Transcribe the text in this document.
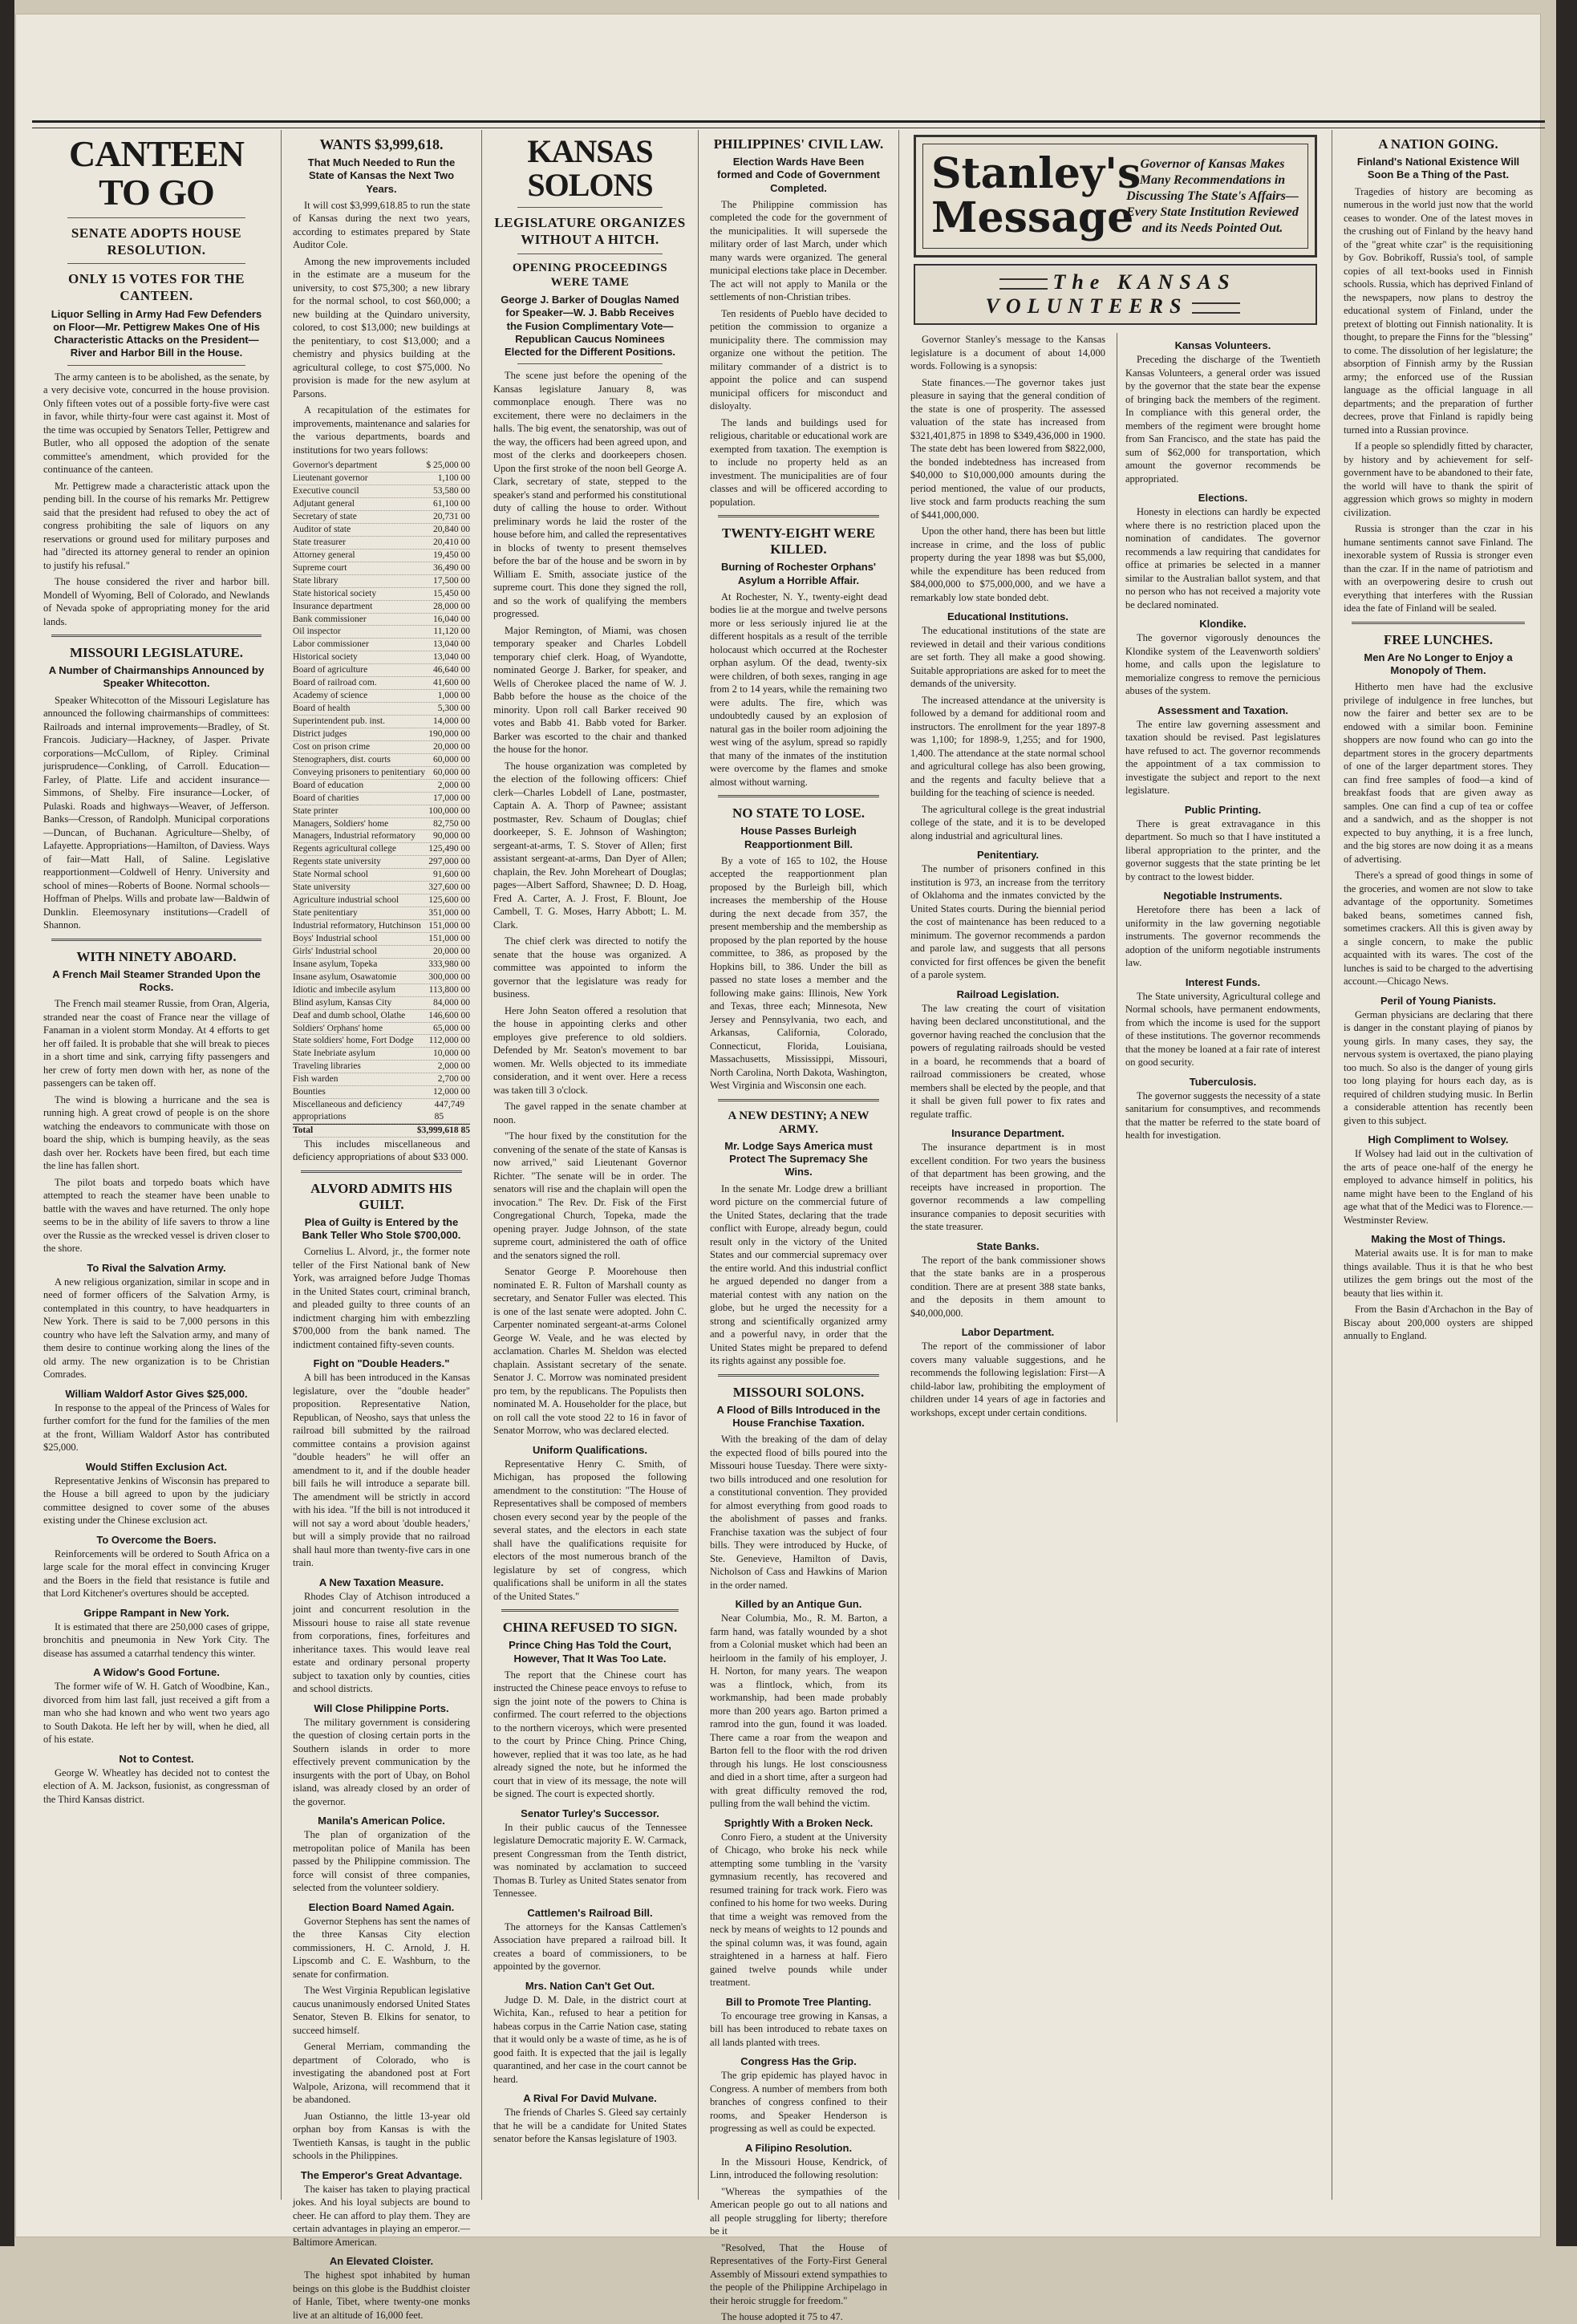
CANTEEN TO GO
SENATE ADOPTS HOUSE RESOLUTION.
ONLY 15 VOTES FOR THE CANTEEN.
Liquor Selling in Army Had Few Defenders on Floor—Mr. Pettigrew Makes One of His Characteristic Attacks on the President—River and Harbor Bill in the House.

The army canteen is to be abolished, as the senate, by a very decisive vote, concurred in the house provision. Only fifteen votes out of a possible forty-five were cast in favor, while thirty-four were cast against it. Most of the time was occupied by Senators Teller, Pettigrew and Butler, who all opposed the adoption of the senate committee's amendment, which provided for the continuance of the canteen.

Mr. Pettigrew made a characteristic attack upon the pending bill. In the course of his remarks Mr. Pettigrew said that the president had refused to obey the act of congress prohibiting the sale of liquors on any reservations or ground used for military purposes and had "directed its attorney general to render an opinion to justify his refusal."

The house considered the river and harbor bill. Mondell of Wyoming, Bell of Colorado, and Newlands of Nevada spoke of appropriating money for the arid lands.

MISSOURI LEGISLATURE.
A Number of Chairmanships Announced by Speaker Whitecotton.

Speaker Whitecotton of the Missouri Legislature has announced the following chairmanships of committees: Railroads and internal improvements—Bradley, of St. Francois. Judiciary—Hackney, of Jasper. Private corporations—McCullom, of Ripley. Criminal jurisprudence—Conkling, of Carroll. Education—Farley, of Platte. Life and accident insurance—Simmons, of Shelby. Fire insurance—Locker, of Pulaski. Roads and highways—Weaver, of Jefferson. Banks—Cresson, of Randolph. Municipal corporations—Duncan, of Buchanan. Agriculture—Shelby, of Lafayette. Appropriations—Hamilton, of Daviess. Ways of fair—Matt Hall, of Saline. Legislative reapportionment—Coldwell of Henry. University and school of mines—Roberts of Boone. Normal schools—Hoffman of Phelps. Wills and probate law—Baldwin of Dunklin. Eleemosynary institutions—Cradell of Shannon.

WITH NINETY ABOARD.
A French Mail Steamer Stranded Upon the Rocks.

The French mail steamer Russie, from Oran, Algeria, stranded near the coast of France near the village of Fanaman in a violent storm Monday. At 4 efforts to get her off failed. It is probable that she will break to pieces in a short time and sink, carrying fifty passengers and her crew of forty men down with her, as none of the passengers can be taken off.

The wind is blowing a hurricane and the sea is running high. A great crowd of people is on the shore watching the endeavors to communicate with those on board the ship, which is bumping heavily, as the seas dash over her. Rockets have been fired, but each time the line has fallen short.

The pilot boats and torpedo boats which have attempted to reach the steamer have been unable to battle with the waves and have returned. The only hope seems to be in the ability of life savers to throw a line over the Russie as the wrecked vessel is driven closer to the shore.

To Rival the Salvation Army.

A new religious organization, similar in scope and in need of former officers of the Salvation Army, is contemplated in this country, to have headquarters in New York. There is said to be 7,000 persons in this country who have left the Salvation army, and many of them desire to continue working along the lines of the old army. The new organization is to be Christian Comrades.

William Waldorf Astor Gives $25,000.

In response to the appeal of the Princess of Wales for further comfort for the fund for the families of the men at the front, William Waldorf Astor has contributed $25,000.

Would Stiffen Exclusion Act.

Representative Jenkins of Wisconsin has prepared to the House a bill agreed to upon by the judiciary committee designed to cover some of the abuses existing under the Chinese exclusion act.

To Overcome the Boers.

Reinforcements will be ordered to South Africa on a large scale for the moral effect in convincing Kruger and the Boers in the field that resistance is futile and that Lord Kitchener's overtures should be accepted.

Grippe Rampant in New York.

It is estimated that there are 250,000 cases of grippe, bronchitis and pneumonia in New York City. The disease has assumed a catarrhal tendency this winter.

A Widow's Good Fortune.

The former wife of W. H. Gatch of Woodbine, Kan., divorced from him last fall, just received a gift from a man who she had known and who went two years ago to South Dakota. He left her by will, when he died, all of his estate.

Not to Contest.

George W. Wheatley has decided not to contest the election of A. M. Jackson, fusionist, as congressman of the Third Kansas district.

WANTS $3,999,618.
That Much Needed to Run the State of Kansas the Next Two Years.

It will cost $3,999,618.85 to run the state of Kansas during the next two years, according to estimates prepared by State Auditor Cole.

Among the new improvements included in the estimate are a museum for the university, to cost $75,300; a new library for the normal school, to cost $60,000; a new building at the Quindaro university, colored, to cost $13,000; new buildings at the penitentiary, to cost $13,000; and a chemistry and physics building at the agricultural college, to cost $75,000. No provision is made for the new asylum at Parsons.

A recapitulation of the estimates for improvements, maintenance and salaries for the various departments, boards and institutions for two years follows:

Governor's department	$ 25,000 00
Lieutenant governor	1,100 00
Executive council	53,580 00
Adjutant general	61,100 00
Secretary of state	20,731 00
Auditor of state	20,840 00
State treasurer	20,410 00
Attorney general	19,450 00
Supreme court	36,490 00
State library	17,500 00
State historical society	15,450 00
Insurance department	28,000 00
Bank commissioner	16,040 00
Oil inspector	11,120 00
Labor commissioner	13,040 00
Historical society	13,040 00
Board of agriculture	46,640 00
Board of railroad com.	41,600 00
Academy of science	1,000 00
Board of health	5,300 00
Superintendent pub. inst.	14,000 00
District judges	190,000 00
Cost on prison crime	20,000 00
Stenographers, dist. courts	60,000 00
Conveying prisoners to penitentiary 60,000 00
Board of education	2,000 00
Board of charities	17,000 00
State printer	100,000 00
Managers, Soldiers' home	82,750 00
Managers, Industrial reformatory 90,000 00
Regents agricultural college	125,490 00
Regents state university	297,000 00
State Normal school	91,600 00
State university	327,600 00
Agriculture industrial school	125,600 00
State penitentiary	351,000 00
Industrial reformatory, Hutchinson 151,000 00
Boys' Industrial school	151,000 00
Girls' Industrial school	20,000 00
Insane asylum, Topeka	333,980 00
Insane asylum, Osawatomie	300,000 00
Idiotic and imbecile asylum	113,800 00
Blind asylum, Kansas City	84,000 00
Deaf and dumb school, Olathe	146,600 00
Soldiers' Orphans' home	65,000 00
State soldiers' home, Fort Dodge 112,000 00
State Inebriate asylum	10,000 00
Traveling libraries	2,000 00
Fish warden	2,700 00
Bounties	12,000 00
Miscellaneous and deficiency appropriations
447,749 85
Total	$3,999,618 85

This includes miscellaneous and deficiency appropriations of about $33 000.

ALVORD ADMITS HIS GUILT.
Plea of Guilty is Entered by the Bank Teller Who Stole $700,000.

Cornelius L. Alvord, jr., the former note teller of the First National bank of New York, was arraigned before Judge Thomas in the United States court, criminal branch, and pleaded guilty to three counts of an indictment charging him with embezzling $700,000 from the bank named. The indictment contained fifty-seven counts.

Fight on "Double Headers."

A bill has been introduced in the Kansas legislature, over the "double header" proposition. Representative Nation, Republican, of Neosho, says that unless the railroad bill submitted by the railroad committee contains a provision against "double headers" he will offer an amendment to it, and if the double header bill fails he will introduce a separate bill. The amendment will be strictly in accord with his idea. "If the bill is not introduced it will not say a word about 'double headers,' but will a simply provide that no railroad shall haul more than twenty-five cars in one train.

A New Taxation Measure.

Rhodes Clay of Atchison introduced a joint and concurrent resolution in the Missouri house to raise all state revenue from corporations, fines, forfeitures and inheritance taxes. This would leave real estate and ordinary personal property subject to taxation only by counties, cities and school districts.

Will Close Philippine Ports.

The military government is considering the question of closing certain ports in the Southern islands in order to more effectively prevent communication by the insurgents with the port of Ubay, on Bohol island, was already closed by an order of the governor.

Manila's American Police.

The plan of organization of the metropolitan police of Manila has been passed by the Philippine commission. The force will consist of three companies, selected from the volunteer soldiery.

Election Board Named Again.

Governor Stephens has sent the names of the three Kansas City election commissioners, H. C. Arnold, J. H. Lipscomb and C. E. Washburn, to the senate for confirmation.

The West Virginia Republican legislative caucus unanimously endorsed United States Senator, Steven B. Elkins for senator, to succeed himself.

General Merriam, commanding the department of Colorado, who is investigating the abandoned post at Fort Walpole, Arizona, will recommend that it be abandoned.

Juan Ostianno, the little 13-year old orphan boy from Kansas is with the Twentieth Kansas, is taught in the public schools in the Philippines.

The Emperor's Great Advantage.

The kaiser has taken to playing practical jokes. And his loyal subjects are bound to cheer. He can afford to play them. They are certain advantages in playing an emperor.—Baltimore American.

An Elevated Cloister.

The highest spot inhabited by human beings on this globe is the Buddhist cloister of Hanle, Tibet, where twenty-one monks live at an altitude of 16,000 feet.

KANSAS SOLONS
LEGISLATURE ORGANIZES WITHOUT A HITCH.
OPENING PROCEEDINGS WERE TAME
George J. Barker of Douglas Named for Speaker—W. J. Babb Receives the Fusion Complimentary Vote—Republican Caucus Nominees Elected for the Different Positions.

The scene just before the opening of the Kansas legislature January 8, was commonplace enough. There was no excitement, there were no declaimers in the halls. The big event, the senatorship, was out of the way, the officers had been agreed upon, and most of the clerks and doorkeepers chosen. Upon the first stroke of the noon bell George A. Clark, secretary of state, stepped to the speaker's stand and performed his constitutional duty of calling the house to order. Without preliminary words he laid the roster of the house before him, and called the representatives in blocks of twenty to present themselves before the bar of the house and be sworn in by William E. Smith, associate justice of the supreme court. This done they signed the roll, and so the work of qualifying the members progressed.

Major Remington, of Miami, was chosen temporary speaker and Charles Lobdell temporary chief clerk. Hoag, of Wyandotte, nominated George J. Barker, for speaker, and Wells of Cherokee placed the name of W. J. Babb before the house as the choice of the minority. Upon roll call Barker received 90 votes and Babb 41. Babb voted for Barker. Barker was escorted to the chair and thanked the house for the honor.

The house organization was completed by the election of the following officers: Chief clerk—Charles Lobdell of Lane, postmaster, Captain A. A. Thorp of Pawnee; assistant postmaster, Rev. Schaum of Douglas; chief doorkeeper, S. E. Johnson of Washington; sergeant-at-arms, T. S. Stover of Allen; first assistant sergeant-at-arms, Dan Dyer of Allen; chaplain, the Rev. John Moreheart of Douglas; pages—Albert Safford, Shawnee; D. D. Hoag, Fred A. Carter, A. J. Frost, F. Blount, Joe Cambell, T. G. Moses, Harry Abbott; L. M. Clark.

The chief clerk was directed to notify the senate that the house was organized. A committee was appointed to inform the governor that the legislature was ready for business.

Here John Seaton offered a resolution that the house in appointing clerks and other employes give preference to old soldiers. Defended by Mr. Seaton's movement to bar women. Mr. Wells objected to its immediate consideration, and it went over. Here a recess was taken till 3 o'clock.

The gavel rapped in the senate chamber at noon.

"The hour fixed by the constitution for the convening of the senate of the state of Kansas is now arrived," said Lieutenant Governor Richter. "The senate will be in order. The senators will rise and the chaplain will open the invocation." The Rev. Dr. Fisk of the First Congregational Church, Topeka, made the opening prayer. Judge Johnson, of the state supreme court, administered the oath of office and the senators signed the roll.

Senator George P. Moorehouse then nominated E. R. Fulton of Marshall county as secretary, and Senator Fuller was elected. This is one of the last senate were adopted. John C. Carpenter nominated sergeant-at-arms Colonel George W. Veale, and he was elected by acclamation. Charles M. Sheldon was elected chaplain. Assistant secretary of the senate. Senator J. C. Morrow was nominated president pro tem, by the republicans. The Populists then nominated M. A. Householder for the place, but on roll call the vote stood 22 to 16 in favor of Senator Morrow, who was declared elected.

Uniform Qualifications.

Representative Henry C. Smith, of Michigan, has proposed the following amendment to the constitution: "The House of Representatives shall be composed of members chosen every second year by the people of the several states, and the electors in each state shall have the qualifications requisite for electors of the most numerous branch of the legislature by set of congress, which qualifications shall be uniform in all the states of the United States."

CHINA REFUSED TO SIGN.
Prince Ching Has Told the Court, However, That It Was Too Late.

The report that the Chinese court has instructed the Chinese peace envoys to refuse to sign the joint note of the powers to China is confirmed. The court referred to the objections to the northern viceroys, which were presented to the court by Prince Ching. Prince Ching, however, replied that it was too late, as he had already signed the note, but he informed the court that in view of its message, the note will be signed. The court is expected shortly.

Senator Turley's Successor.

In their public caucus of the Tennessee legislature Democratic majority E. W. Carmack, present Congressman from the Tenth district, was nominated by acclamation to succeed Thomas B. Turley as United States senator from Tennessee.

Cattlemen's Railroad Bill.

The attorneys for the Kansas Cattlemen's Association have prepared a railroad bill. It creates a board of commissioners, to be appointed by the governor.

Mrs. Nation Can't Get Out.

Judge D. M. Dale, in the district court at Wichita, Kan., refused to hear a petition for habeas corpus in the Carrie Nation case, stating that it would only be a waste of time, as he is of good faith. It is expected that the jail is legally quarantined, and her case in the court cannot be heard.

A Rival For David Mulvane.

The friends of Charles S. Gleed say certainly that he will be a candidate for United States senator before the Kansas legislature of 1903.

PHILIPPINES' CIVIL LAW.
Election Wards Have Been formed and Code of Government Completed.

The Philippine commission has completed the code for the government of the municipalities. It will supersede the military order of last March, under which many wards were organized. The general municipal elections take place in December. The act will not apply to Manila or the settlements of non-Christian tribes.

Ten residents of Pueblo have decided to petition the commission to organize a municipality there. The commission may organize one without the petition. The military commander of a district is to appoint the police and can suspend municipal officers for misconduct and disloyalty.

The lands and buildings used for religious, charitable or educational work are exempted from taxation. The exemption is to include no property held as an investment. The municipalities are of four classes and will be officered according to population.

TWENTY-EIGHT WERE KILLED.
Burning of Rochester Orphans' Asylum a Horrible Affair.

At Rochester, N. Y., twenty-eight dead bodies lie at the morgue and twelve persons more or less seriously injured lie at the different hospitals as a result of the terrible holocaust which occurred at the Rochester orphan asylum. Of the dead, twenty-six were children, of both sexes, ranging in age from 2 to 14 years, while the remaining two were adults. The fire, which was undoubtedly caused by an explosion of natural gas in the boiler room adjoining the west wing of the asylum, spread so rapidly that many of the inmates of the institution were overcome by the flames and smoke almost without warning.

NO STATE TO LOSE.
House Passes Burleigh Reapportionment Bill.

By a vote of 165 to 102, the House accepted the reapportionment plan proposed by the Burleigh bill, which increases the membership of the House during the next decade from 357, the present membership and the membership as proposed by the plan reported by the house committee, to 386, as proposed by the Hopkins bill, to 386. Under the bill as passed no state loses a member and the following make gains: Illinois, New York and Texas, three each; Minnesota, New Jersey and Pennsylvania, two each, and Arkansas, California, Colorado, Connecticut, Florida, Louisiana, Massachusetts, Mississippi, Missouri, North Carolina, North Dakota, Washington, West Virginia and Wisconsin one each.

A NEW DESTINY; A NEW ARMY.
Mr. Lodge Says America must Protect The Supremacy She Wins.

In the senate Mr. Lodge drew a brilliant word picture on the commercial future of the United States, declaring that the trade conflict with Europe, already begun, could result only in the victory of the United States and our commercial supremacy over the entire world. And this industrial conflict he argued depended no danger from a material contest with any nation on the globe, but he urged the necessity for a strong and scientifically organized army and a powerful navy, in order that the United States might be prepared to defend its rights against any possible foe.

MISSOURI SOLONS.
A Flood of Bills Introduced in the House Franchise Taxation.

With the breaking of the dam of delay the expected flood of bills poured into the Missouri house Tuesday. There were sixty-two bills introduced and one resolution for a constitutional convention. They provided for almost everything from good roads to the abolishment of passes and franks. Franchise taxation was the subject of four bills. They were introduced by Hucke, of Ste. Genevieve, Hamilton of Davis, Nicholson of Cass and Hawkins of Marion in the order named.

Killed by an Antique Gun.

Near Columbia, Mo., R. M. Barton, a farm hand, was fatally wounded by a shot from a Colonial musket which had been an heirloom in the family of his employer, J. H. Norton, for many years. The weapon was a flintlock, which, from its workmanship, had been made probably more than 200 years ago. Barton primed a ramrod into the gun, found it was loaded. There came a roar from the weapon and Barton fell to the floor with the rod driven through his lungs. He lost consciousness and died in a short time, after a surgeon had with great difficulty removed the rod, pulling from the wall behind the victim.

Sprightly With a Broken Neck.

Conro Fiero, a student at the University of Chicago, who broke his neck while attempting some tumbling in the 'varsity gymnasium recently, has recovered and resumed training for track work. Fiero was confined to his home for two weeks. During that time a weight was removed from the neck by means of weights to 12 pounds and the spinal column was, it was found, again straightened in a harness at half. Fiero gained twelve pounds while under treatment.

Bill to Promote Tree Planting.

To encourage tree growing in Kansas, a bill has been introduced to rebate taxes on all lands planted with trees.

Congress Has the Grip.

The grip epidemic has played havoc in Congress. A number of members from both branches of congress confined to their rooms, and Speaker Henderson is progressing as well as could be expected.

A Filipino Resolution.

In the Missouri House, Kendrick, of Linn, introduced the following resolution:

"Whereas the sympathies of the American people go out to all nations and all people struggling for liberty; therefore be it

"Resolved, That the House of Representatives of the Forty-First General Assembly of Missouri extend sympathies to the people of the Philippine Archipelago in their heroic struggle for freedom."

The house adopted it 75 to 47.

Stanley's Message
Governor of Kansas Makes Many Recommendations in Discussing The State's Affairs—Every State Institution Reviewed and its Needs Pointed Out.
The KANSAS VOLUNTEERS

Governor Stanley's message to the Kansas legislature is a document of about 14,000 words. Following is a synopsis:

State finances.—The governor takes just pleasure in saying that the general condition of the state is one of prosperity. The assessed valuation of the state has increased from $321,401,875 in 1898 to $349,436,000 in 1900. The state debt has been lowered from $822,000, the bonded indebtedness has increased from $40,000 to $10,000,000 amounts during the period mentioned, the value of our products, live stock and farm products reaching the sum of $441,000,000.

Upon the other hand, there has been but little increase in crime, and the loss of public property during the year 1898 was but $5,000, while the expenditure has been reduced from $84,000,000 to $75,000,000, and we have a remarkably low state bonded debt.

Educational Institutions.

The educational institutions of the state are reviewed in detail and their various conditions are set forth. They all make a good showing. Suitable appropriations are asked for to meet the demands of the university.

The increased attendance at the university is followed by a demand for additional room and instructors. The enrollment for the year 1897-8 was 1,100; for 1898-9, 1,255; and for 1900, 1,400. The attendance at the state normal school and agricultural college has also been growing, and the regents and faculty believe that a building for the teaching of science is needed.

The agricultural college is the great industrial college of the state, and it is to be developed along industrial and agricultural lines.

Penitentiary.

The number of prisoners confined in this institution is 973, an increase from the territory of Oklahoma and the inmates convicted by the United States courts. During the biennial period the cost of maintenance has been reduced to a minimum. The governor recommends a pardon and parole law, and suggests that all persons convicted for first offences be given the benefit of a parole system.

Railroad Legislation.

The law creating the court of visitation having been declared unconstitutional, and the governor having reached the conclusion that the powers of regulating railroads should be vested in a board, he recommends that a board of railroad commissioners be created, whose members shall be elected by the people, and that it shall be given full power to fix rates and regulate traffic.

Insurance Department.

The insurance department is in most excellent condition. For two years the business of that department has been growing, and the receipts have increased in proportion. The governor recommends a law compelling insurance companies to deposit securities with the state treasurer.

State Banks.

The report of the bank commissioner shows that the state banks are in a prosperous condition. There are at present 388 state banks, and the deposits in them amount to $40,000,000.

Labor Department.

The report of the commissioner of labor covers many valuable suggestions, and he recommends the following legislation: First—A child-labor law, prohibiting the employment of children under 14 years of age in factories and workshops, except under certain conditions.

Kansas Volunteers.

Preceding the discharge of the Twentieth Kansas Volunteers, a general order was issued by the governor that the state bear the expense of bringing back the members of the regiment. In compliance with this general order, the members of the regiment were brought home from San Francisco, and the state has paid the sum of $62,000 for transportation, which amount the governor recommends be appropriated.

Elections.

Honesty in elections can hardly be expected where there is no restriction placed upon the nomination of candidates. The governor recommends a law requiring that candidates for office at primaries be selected in a manner similar to the Australian ballot system, and that no person who has not received a majority vote be declared nominated.

Klondike.

The governor vigorously denounces the Klondike system of the Leavenworth soldiers' home, and calls upon the legislature to memorialize congress to remove the pernicious abuses of the system.

Assessment and Taxation.

The entire law governing assessment and taxation should be revised. Past legislatures have refused to act. The governor recommends the appointment of a tax commission to investigate the subject and report to the next legislature.

Public Printing.

There is great extravagance in this department. So much so that I have instituted a liberal appropriation to the printer, and the governor suggests that the state printing be let by contract to the lowest bidder.

Negotiable Instruments.

Heretofore there has been a lack of uniformity in the law governing negotiable instruments. The governor recommends the adoption of the uniform negotiable instruments law.

Interest Funds.

The State university, Agricultural college and Normal schools, have permanent endowments, from which the income is used for the support of these institutions. The governor recommends that the money be loaned at a fair rate of interest on good security.

Tuberculosis.

The governor suggests the necessity of a state sanitarium for consumptives, and recommends that the matter be referred to the state board of health for investigation.

A NATION GOING.
Finland's National Existence Will Soon Be a Thing of the Past.

Tragedies of history are becoming as numerous in the world just now that the world ceases to wonder. One of the latest moves in the crushing out of Finland by the heavy hand of the "great white czar" is the requisitioning by Gov. Bobrikoff, Russia's tool, of sample copies of all text-books used in Finnish schools. Russia, which has deprived Finland of the newspapers, now plans to destroy the educational system of Finland, under the pretext of blotting out Finnish nationality. It is thought, to prepare the Finns for the "blessing" to come. The dissolution of her legislature; the absorption of Finnish army by the Russian army; the enforced use of the Russian language as the official language in all departments; and the preparation of further decrees, prove that Finland is rapidly being turned into a Russian province.

If a people so splendidly fitted by character, by history and by achievement for self-government have to be abandoned to their fate, the world will have to thank the spirit of aggression which grows so mighty in modern civilization.

Russia is stronger than the czar in his humane sentiments cannot save Finland. The inexorable system of Russia is stronger even than the czar. If in the name of patriotism and with an overpowering desire to crush out everything that interferes with the Russian idea the fate of Finland will be sealed.

FREE LUNCHES.
Men Are No Longer to Enjoy a Monopoly of Them.

Hitherto men have had the exclusive privilege of indulgence in free lunches, but now the fairer and better sex are to be endowed with a similar boon. Feminine shoppers are now found who can go into the department stores in the grocery departments of one of the larger department stores. They can find free samples of food—a kind of breakfast foods that are given away as samples. One can find a cup of tea or coffee and a sandwich, and as the shopper is not expected to buy anything, it is a free lunch, and the big stores are now doing it as a means of advertising.

There's a spread of good things in some of the groceries, and women are not slow to take advantage of the opportunity. Sometimes baked beans, sometimes canned fish, sometimes crackers. All this is given away by a single concern, to make the public acquainted with its wares. The cost of the lunches is said to be charged to the advertising account.—Chicago News.

Peril of Young Pianists.

German physicians are declaring that there is danger in the constant playing of pianos by young girls. In many cases, they say, the nervous system is overtaxed, the piano playing too much. So also is the danger of young girls too long playing for hours each day, as is required of children studying music. In Berlin a considerable attention has recently been given to this subject.

High Compliment to Wolsey.

If Wolsey had laid out in the cultivation of the arts of peace one-half of the energy he employed to advance himself in politics, his name might have been to the England of his age what that of the Medici was to Florence.—Westminster Review.

Making the Most of Things.

Material awaits use. It is for man to make things available. Thus it is that he who best utilizes the gem brings out the most of the beauty that lies within it.

From the Basin d'Archachon in the Bay of Biscay about 200,000 oysters are shipped annually to England.
